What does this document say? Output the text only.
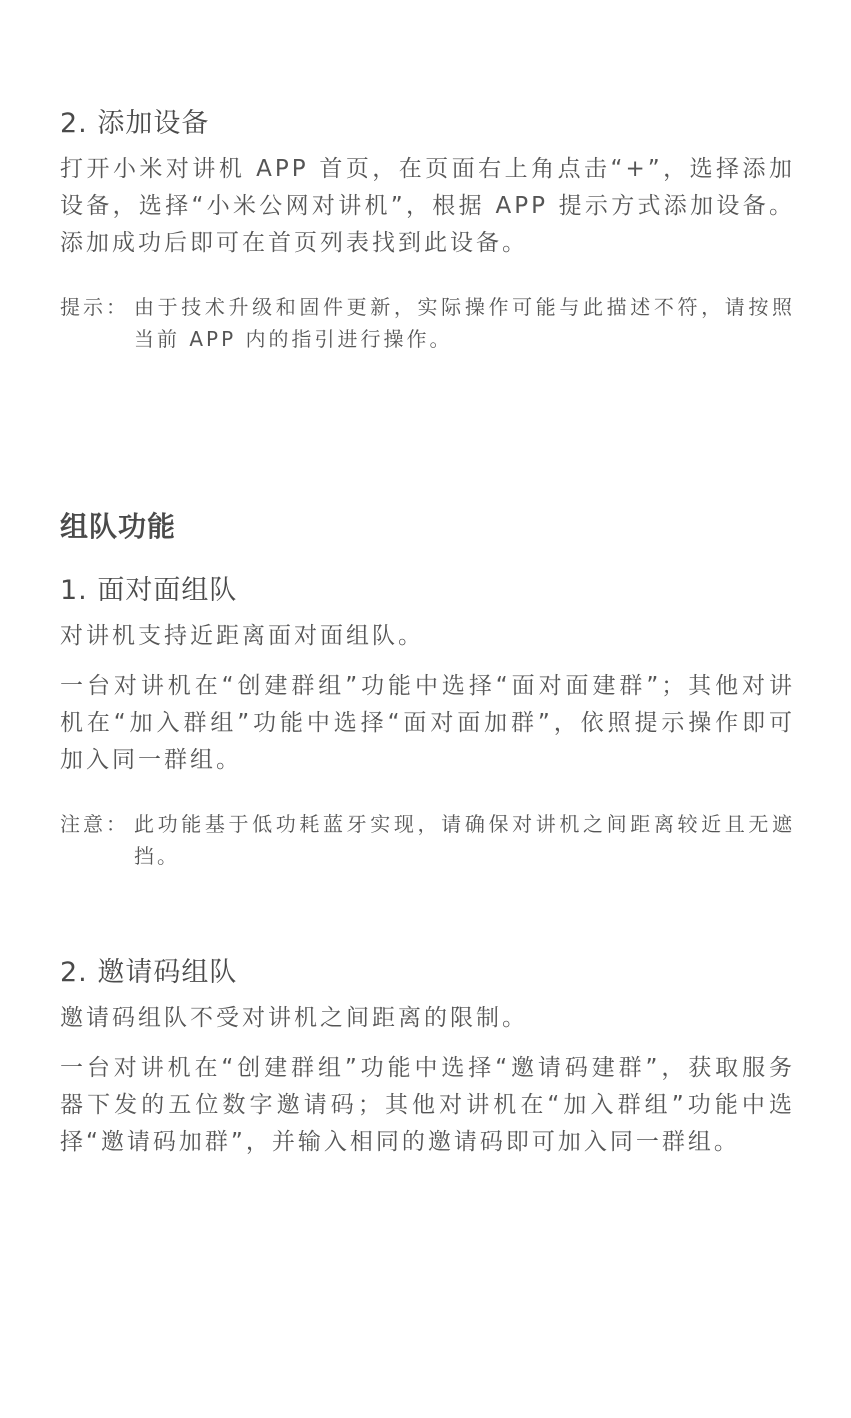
2. 添加设备

打开小米对讲机 APP 首页，在页面右上角点击“+”，选择添加设备，选择“小米公网对讲机”，根据 APP 提示方式添加设备。添加成功后即可在首页列表找到此设备。

提示： 由于技术升级和固件更新，实际操作可能与此描述不符，请按照当前 APP 内的指引进行操作。
组队功能
1. 面对面组队

对讲机支持近距离面对面组队。

一台对讲机在“创建群组”功能中选择“面对面建群”；其他对讲机在“加入群组”功能中选择“面对面加群”，依照提示操作即可加入同一群组。

注意： 此功能基于低功耗蓝牙实现，请确保对讲机之间距离较近且无遮挡。
2. 邀请码组队

邀请码组队不受对讲机之间距离的限制。

一台对讲机在“创建群组”功能中选择“邀请码建群”，获取服务器下发的五位数字邀请码；其他对讲机在“加入群组”功能中选择“邀请码加群”，并输入相同的邀请码即可加入同一群组。
